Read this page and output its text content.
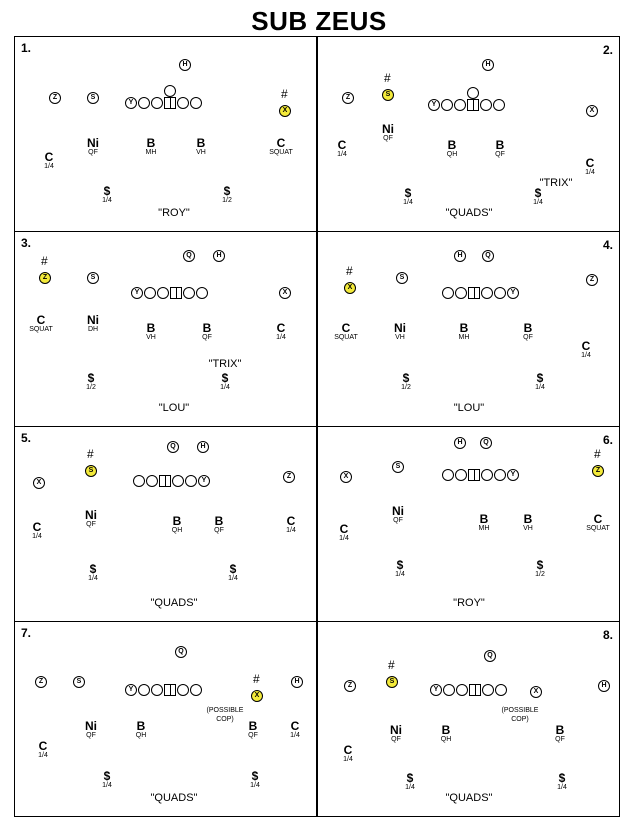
SUB ZEUS
1.
H
Z	S
X
#
Y
Ni
QF
B
MH
B
VH
C
SQUAT
C
1/4
$
1/4
$
1/2
"ROY"
2.
H
Z	S
#
X
Y
Ni
QF	B
QH
B
QF
C
1/4
C
1/4
$
1/4
$
1/4
"TRIX"
"QUADS"
3.
Q	H
Z
#
S
X
Y
C
SQUAT
Ni
DH	B
VH
B
QF
C
1/4
$
1/2
$
1/4
"TRIX"
"LOU"
4.
H	Q
X
#	S	Z
Y
C
SQUAT
Ni
VH
B
MH
B
QF
C
1/4
$
1/2
$
1/4
"LOU"
5.
Q	H
X
S
#
Z
Y
Ni
QF	B
QH
B
QF
C
1/4
C
1/4
$
1/4
$
1/4
"QUADS"
6.
H	Q
X
S
Z
#
Y
Ni
QF	B
MH
B
VH
C
1/4
C
SQUAT
$
1/4
$
1/2
"ROY"
7.
Q
Z	S
X
#	H
Y
Ni
QF
B
QH
B
QF
C
1/4
C
1/4
$
1/4
$
1/4
(POSSIBLE
COP)
"QUADS"
8.
Q
Z
S
#
X
H
Y
Ni
QF
B
QH
B
QF
C
1/4
$
1/4
$
1/4
(POSSIBLE
COP)
"QUADS"
